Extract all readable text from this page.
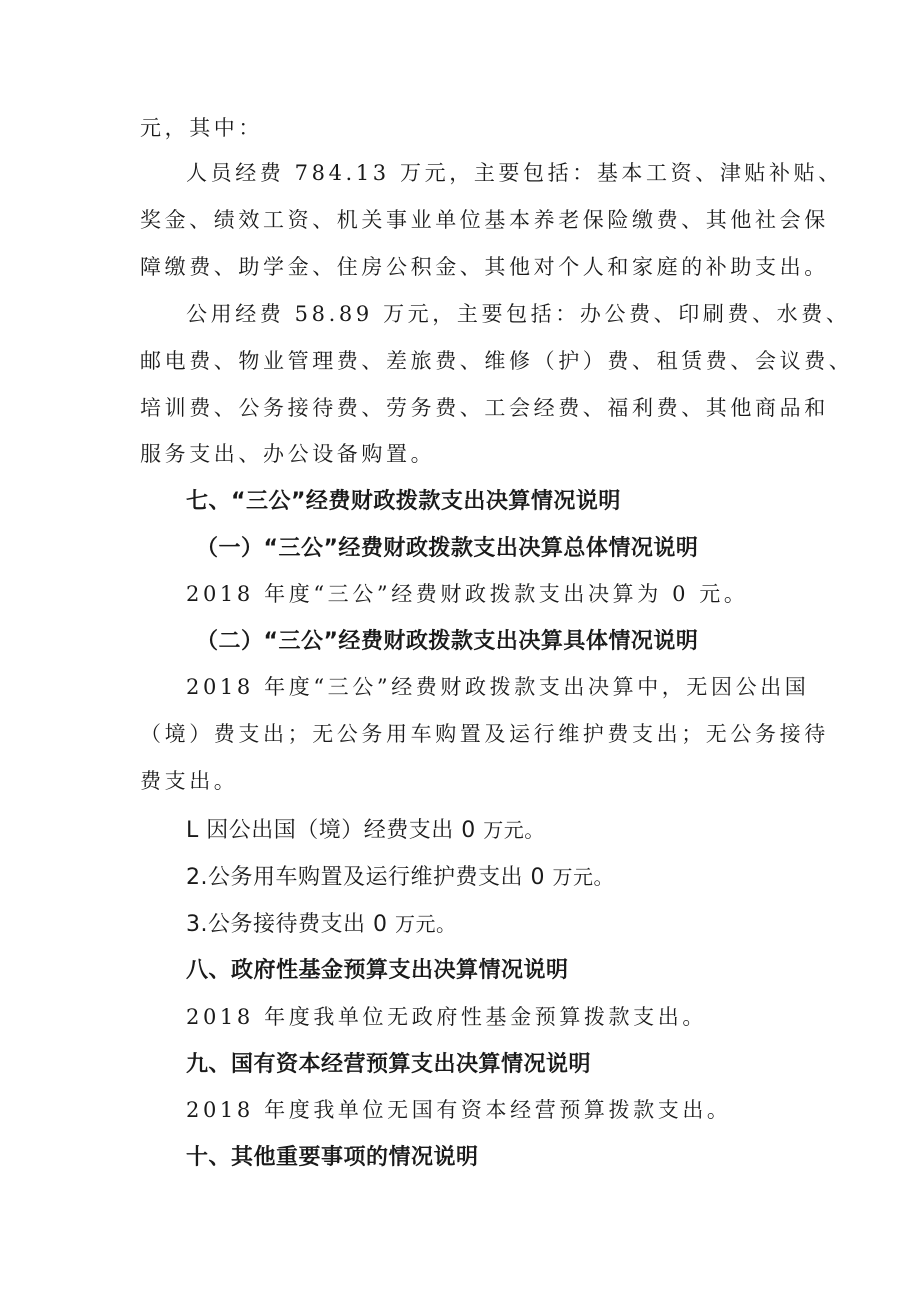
元，其中：

人员经费 784.13 万元，主要包括：基本工资、津贴补贴、

奖金、绩效工资、机关事业单位基本养老保险缴费、其他社会保

障缴费、助学金、住房公积金、其他对个人和家庭的补助支出。

公用经费 58.89 万元，主要包括：办公费、印刷费、水费、

邮电费、物业管理费、差旅费、维修（护）费、租赁费、会议费、

培训费、公务接待费、劳务费、工会经费、福利费、其他商品和

服务支出、办公设备购置。

七、“三公”经费财政拨款支出决算情况说明

（一）“三公”经费财政拨款支出决算总体情况说明

2018 年度“三公”经费财政拨款支出决算为 0 元。

（二）“三公”经费财政拨款支出决算具体情况说明

2018 年度“三公”经费财政拨款支出决算中，无因公出国

（境）费支出；无公务用车购置及运行维护费支出；无公务接待

费支出。

L 因公出国（境）经费支出 0 万元。

2.公务用车购置及运行维护费支出 0 万元。

3.公务接待费支出 0 万元。

八、政府性基金预算支出决算情况说明

2018 年度我单位无政府性基金预算拨款支出。

九、国有资本经营预算支出决算情况说明

2018 年度我单位无国有资本经营预算拨款支出。

十、其他重要事项的情况说明
